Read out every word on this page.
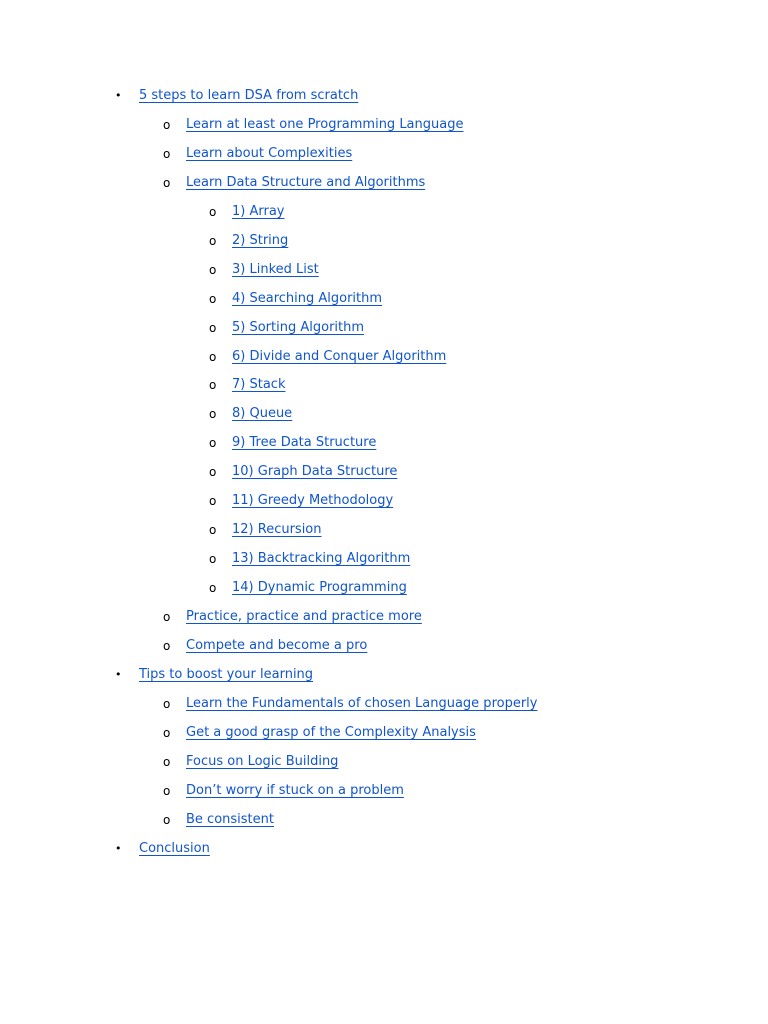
• 5 steps to learn DSA from scratch
o Learn at least one Programming Language
o Learn about Complexities
o Learn Data Structure and Algorithms
o 1) Array
o 2) String
o 3) Linked List
o 4) Searching Algorithm
o 5) Sorting Algorithm
o 6) Divide and Conquer Algorithm
o 7) Stack
o 8) Queue
o 9) Tree Data Structure
o 10) Graph Data Structure
o 11) Greedy Methodology
o 12) Recursion
o 13) Backtracking Algorithm
o 14) Dynamic Programming
o Practice, practice and practice more
o Compete and become a pro
• Tips to boost your learning
o Learn the Fundamentals of chosen Language properly
o Get a good grasp of the Complexity Analysis
o Focus on Logic Building
o Don’t worry if stuck on a problem
o Be consistent
• Conclusion
